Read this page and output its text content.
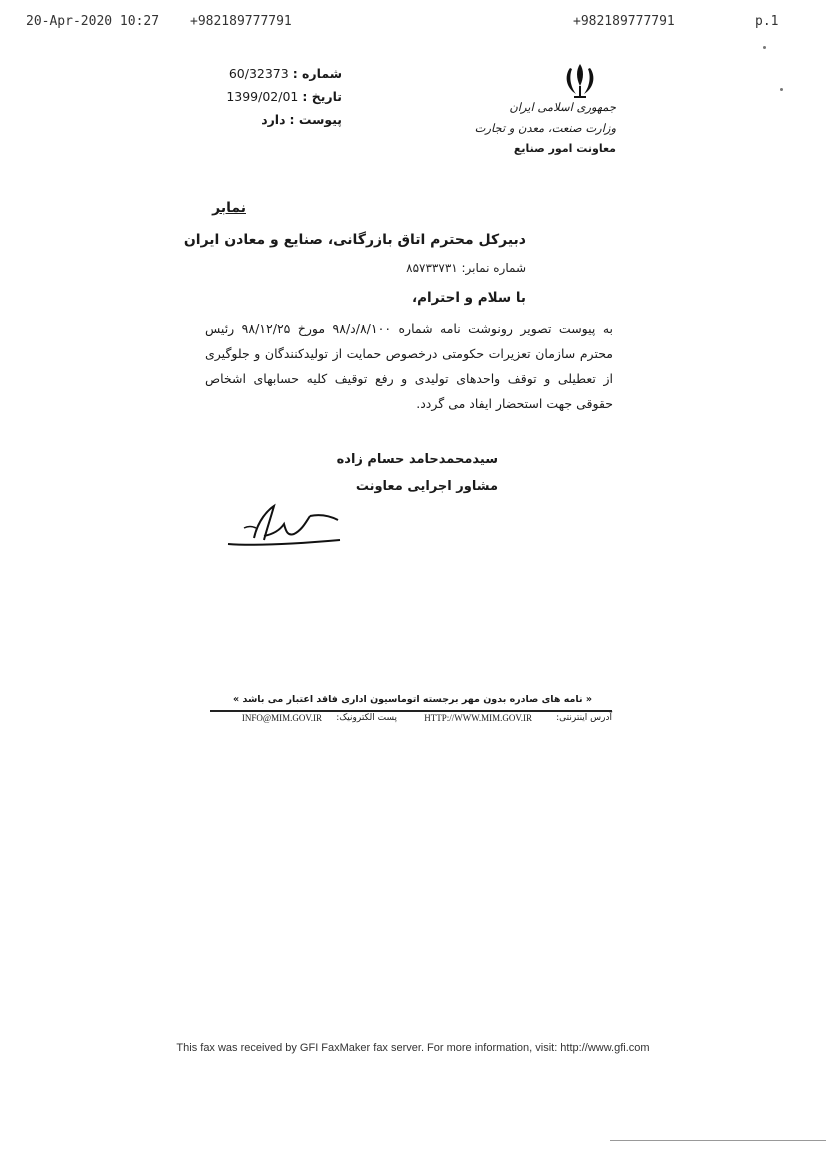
20-Apr-2020 10:27 +982189777791	+982189777791	p.1
جمهوری اسلامی ایران
وزارت صنعت، معدن و تجارت
معاونت امور صنایع
شماره : 60/32373
تاریخ : 1399/02/01
پیوست : دارد
نمابر
دبیرکل محترم اتاق بازرگانی، صنایع و معادن ایران
شماره نمابر: ۸۵۷۳۳۷۳۱
با سلام و احترام،
به پیوست تصویر رونوشت نامه شماره ۸/۱۰۰/د/۹۸ مورخ ۹۸/۱۲/۲۵ رئیس محترم سازمان تعزیرات حکومتی درخصوص حمایت از تولیدکنندگان و جلوگیری از تعطیلی و توقف واحدهای تولیدی و رفع توقیف کلیه حسابهای اشخاص حقوقی جهت استحضار ایفاد می گردد.
سیدمحمدحامد حسام زاده
مشاور اجرایی معاونت
« نامه های صادره بدون مهر برجسته اتوماسیون اداری فاقد اعتبار می باشد »
آدرس اینترنتی:
HTTP://WWW.MIM.GOV.IR
پست الکترونیک:
INFO@MIM.GOV.IR
This fax was received by GFI FaxMaker fax server. For more information, visit: http://www.gfi.com
